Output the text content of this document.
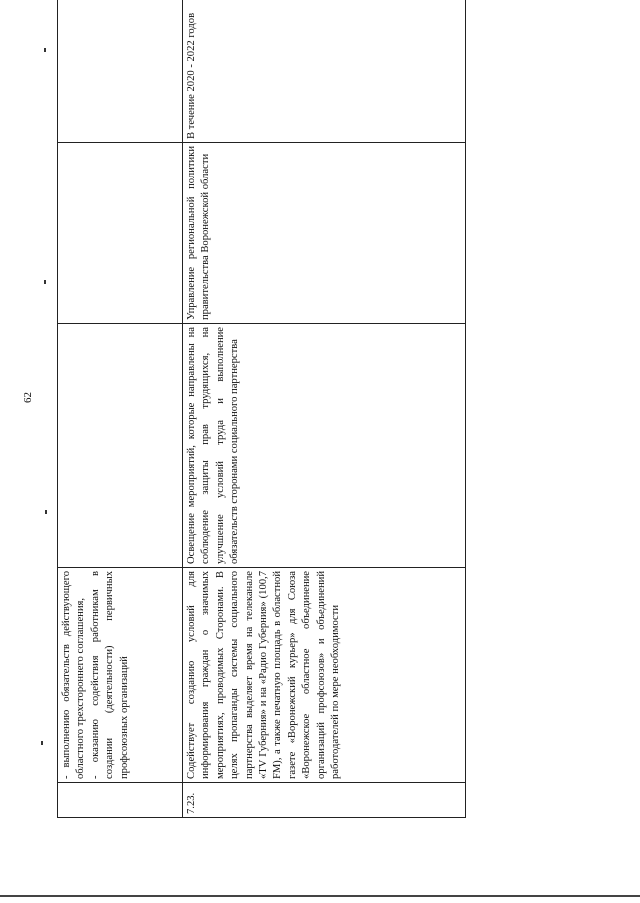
62

	- выполнению обязательств действующего областного трехстороннего соглашения, - оказанию содействия работникам в создании (деятельности) первичных профсоюзных организаций			

7.23.	Содействует созданию условий для информирования граждан о значимых мероприятиях, проводимых Сторонами. В целях пропаганды системы социального партнерства выделяет время на телеканале «TV Губерния» и на «Радио Губерния» (100,7 FM), а также печатную площадь в областной газете «Воронежский курьер» для Союза «Воронежское областное объединение организаций профсоюзов» и объединений работодателей по мере необходимости	Освещение мероприятий, которые направлены на соблюдение защиты прав трудящихся, на улучшение условий труда и выполнение обязательств сторонами социального партнерства	Управление региональной политики правительства Воронежской области	В течение 2020 - 2022 годов
